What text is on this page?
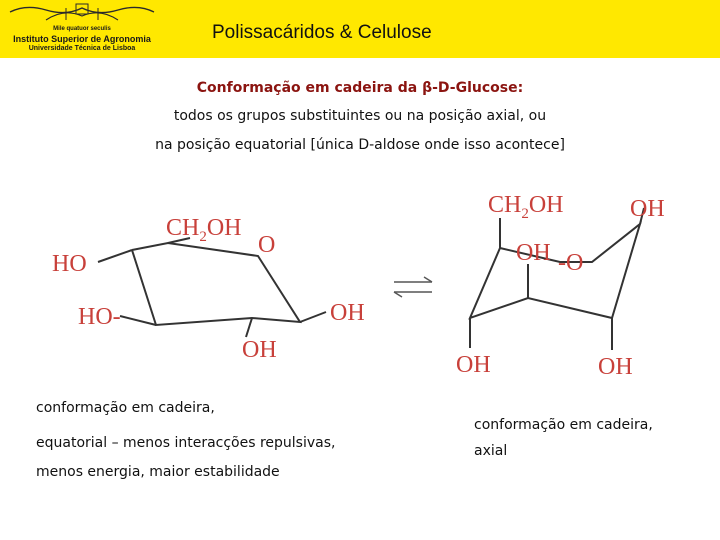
Mile quatuor seculis
Instituto Superior de Agronomia
Universidade Técnica de Lisboa
Polissacáridos & Celulose
Conformação em cadeira da β-D-Glucose:
todos os grupos substituintes ou na posição axial, ou
na posição equatorial [única D-aldose onde isso acontece]
$CH_2OH$
O
HO
HO-	OH
OH
$CH_2OH$	OH
OH -O
OH	OH
conformação em cadeira,
equatorial – menos interacções repulsivas,
menos energia, maior estabilidade
conformação em cadeira,
axial
